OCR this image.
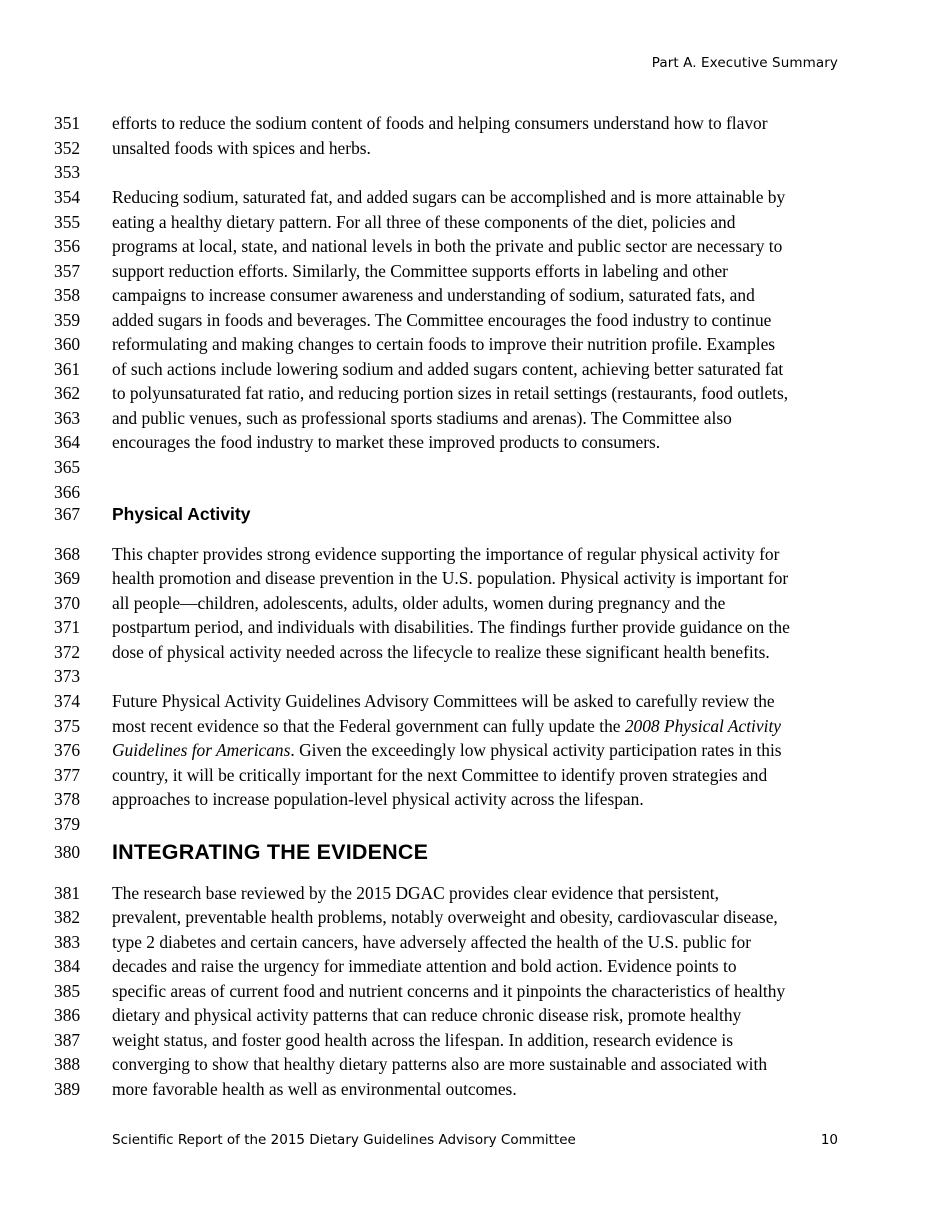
Part A. Executive Summary
351	efforts to reduce the sodium content of foods and helping consumers understand how to flavor
352	unsalted foods with spices and herbs.
353
354	Reducing sodium, saturated fat, and added sugars can be accomplished and is more attainable by
355	eating a healthy dietary pattern. For all three of these components of the diet, policies and
356	programs at local, state, and national levels in both the private and public sector are necessary to
357	support reduction efforts. Similarly, the Committee supports efforts in labeling and other
358	campaigns to increase consumer awareness and understanding of sodium, saturated fats, and
359	added sugars in foods and beverages. The Committee encourages the food industry to continue
360	reformulating and making changes to certain foods to improve their nutrition profile. Examples
361	of such actions include lowering sodium and added sugars content, achieving better saturated fat
362	to polyunsaturated fat ratio, and reducing portion sizes in retail settings (restaurants, food outlets,
363	and public venues, such as professional sports stadiums and arenas). The Committee also
364	encourages the food industry to market these improved products to consumers.
365
366
367	Physical Activity
368	This chapter provides strong evidence supporting the importance of regular physical activity for
369	health promotion and disease prevention in the U.S. population. Physical activity is important for
370	all people—children, adolescents, adults, older adults, women during pregnancy and the
371	postpartum period, and individuals with disabilities. The findings further provide guidance on the
372	dose of physical activity needed across the lifecycle to realize these significant health benefits.
373
374	Future Physical Activity Guidelines Advisory Committees will be asked to carefully review the
375	most recent evidence so that the Federal government can fully update the 2008 Physical Activity
376	Guidelines for Americans. Given the exceedingly low physical activity participation rates in this
377	country, it will be critically important for the next Committee to identify proven strategies and
378	approaches to increase population-level physical activity across the lifespan.
379
380	INTEGRATING THE EVIDENCE
381	The research base reviewed by the 2015 DGAC provides clear evidence that persistent,
382	prevalent, preventable health problems, notably overweight and obesity, cardiovascular disease,
383	type 2 diabetes and certain cancers, have adversely affected the health of the U.S. public for
384	decades and raise the urgency for immediate attention and bold action. Evidence points to
385	specific areas of current food and nutrient concerns and it pinpoints the characteristics of healthy
386	dietary and physical activity patterns that can reduce chronic disease risk, promote healthy
387	weight status, and foster good health across the lifespan. In addition, research evidence is
388	converging to show that healthy dietary patterns also are more sustainable and associated with
389	more favorable health as well as environmental outcomes.
Scientific Report of the 2015 Dietary Guidelines Advisory Committee	10
